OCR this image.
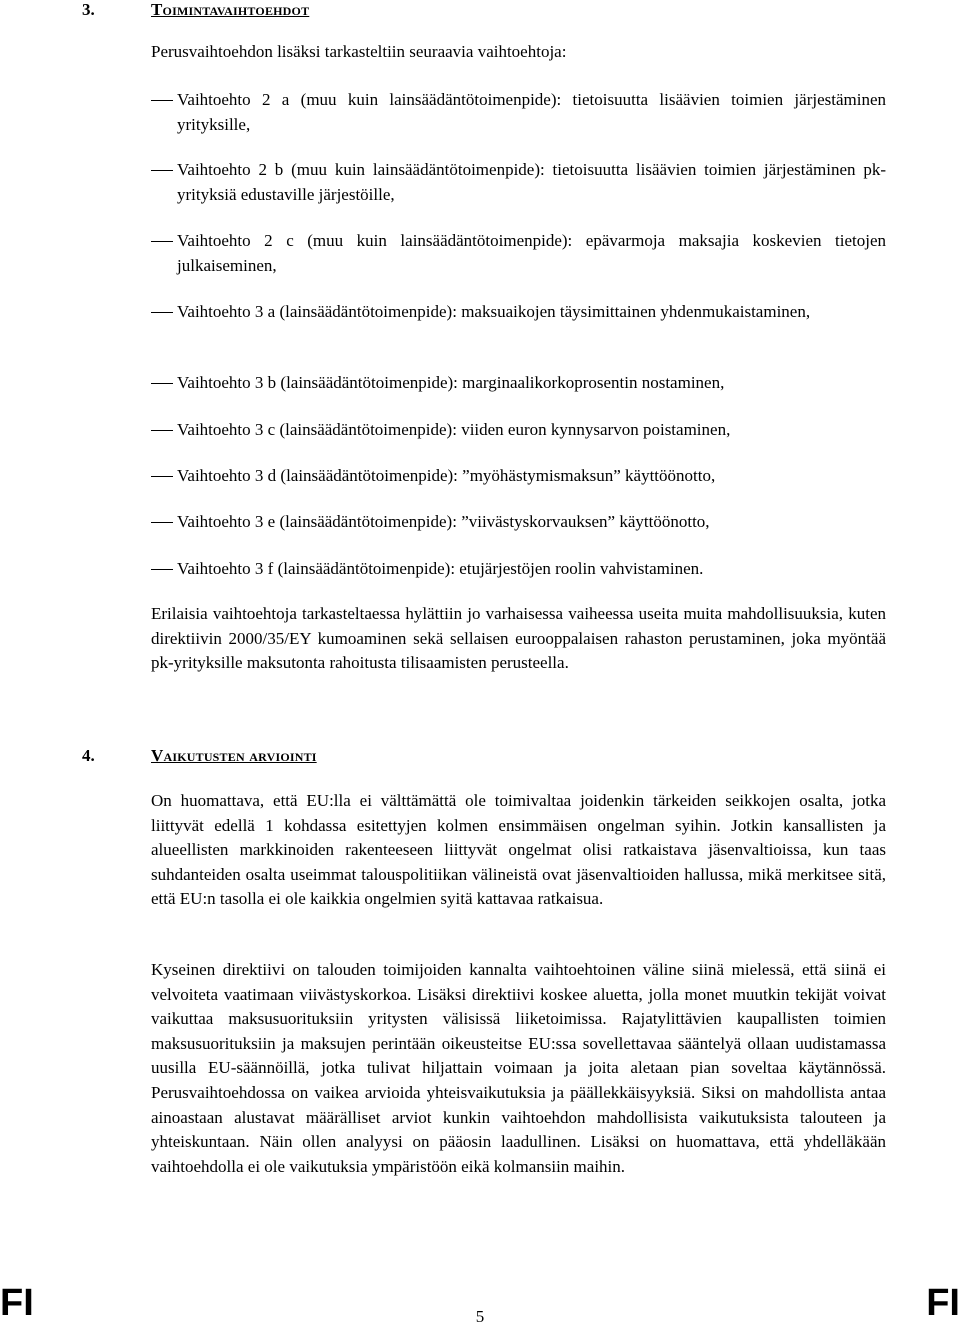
3.	Toimintavaihtoehdot
Perusvaihtoehdon lisäksi tarkasteltiin seuraavia vaihtoehtoja:
Vaihtoehto 2 a (muu kuin lainsäädäntötoimenpide): tietoisuutta lisäävien toimien järjestäminen yrityksille,
Vaihtoehto 2 b (muu kuin lainsäädäntötoimenpide): tietoisuutta lisäävien toimien järjestäminen pk-yrityksiä edustaville järjestöille,
Vaihtoehto 2 c (muu kuin lainsäädäntötoimenpide): epävarmoja maksajia koskevien tietojen julkaiseminen,
Vaihtoehto 3 a (lainsäädäntötoimenpide): maksuaikojen täysimittainen yhdenmukaistaminen,
Vaihtoehto 3 b (lainsäädäntötoimenpide): marginaalikorkoprosentin nostaminen,
Vaihtoehto 3 c (lainsäädäntötoimenpide): viiden euron kynnysarvon poistaminen,
Vaihtoehto 3 d (lainsäädäntötoimenpide): ”myöhästymismaksun” käyttöönotto,
Vaihtoehto 3 e (lainsäädäntötoimenpide): ”viivästyskorvauksen” käyttöönotto,
Vaihtoehto 3 f (lainsäädäntötoimenpide): etujärjestöjen roolin vahvistaminen.
Erilaisia vaihtoehtoja tarkasteltaessa hylättiin jo varhaisessa vaiheessa useita muita mahdollisuuksia, kuten direktiivin 2000/35/EY kumoaminen sekä sellaisen eurooppalaisen rahaston perustaminen, joka myöntää pk-yrityksille maksutonta rahoitusta tilisaamisten perusteella.
4.	Vaikutusten arviointi
On huomattava, että EU:lla ei välttämättä ole toimivaltaa joidenkin tärkeiden seikkojen osalta, jotka liittyvät edellä 1 kohdassa esitettyjen kolmen ensimmäisen ongelman syihin. Jotkin kansallisten ja alueellisten markkinoiden rakenteeseen liittyvät ongelmat olisi ratkaistava jäsenvaltioissa, kun taas suhdanteiden osalta useimmat talouspolitiikan välineistä ovat jäsenvaltioiden hallussa, mikä merkitsee sitä, että EU:n tasolla ei ole kaikkia ongelmien syitä kattavaa ratkaisua.
Kyseinen direktiivi on talouden toimijoiden kannalta vaihtoehtoinen väline siinä mielessä, että siinä ei velvoiteta vaatimaan viivästyskorkoa. Lisäksi direktiivi koskee aluetta, jolla monet muutkin tekijät voivat vaikuttaa maksusuorituksiin yritysten välisissä liiketoimissa. Rajatylittävien kaupallisten toimien maksusuorituksiin ja maksujen perintään oikeusteitse EU:ssa sovellettavaa sääntelyä ollaan uudistamassa uusilla EU-säännöillä, jotka tulivat hiljattain voimaan ja joita aletaan pian soveltaa käytännössä. Perusvaihtoehdossa on vaikea arvioida yhteisvaikutuksia ja päällekkäisyyksiä. Siksi on mahdollista antaa ainoastaan alustavat määrälliset arviot kunkin vaihtoehdon mahdollisista vaikutuksista talouteen ja yhteiskuntaan. Näin ollen analyysi on pääosin laadullinen. Lisäksi on huomattava, että yhdelläkään vaihtoehdolla ei ole vaikutuksia ympäristöön eikä kolmansiin maihin.
FI	5	FI
